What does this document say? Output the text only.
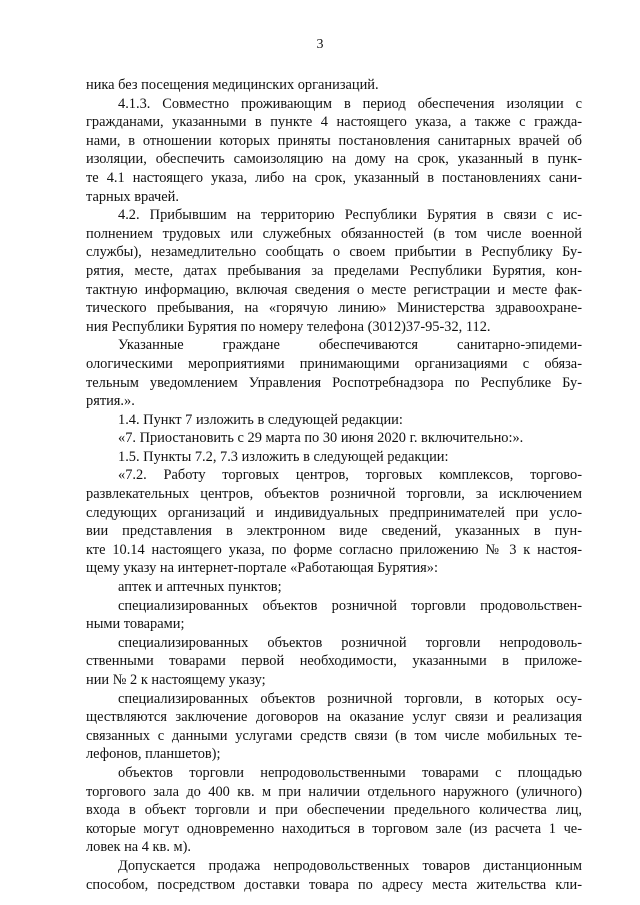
3
ника без посещения медицинских организаций.
4.1.3. Совместно проживающим в период обеспечения изоляции с
гражданами, указанными в пункте 4 настоящего указа, а также с гражда-
нами, в отношении которых приняты постановления санитарных врачей об
изоляции, обеспечить самоизоляцию на дому на срок, указанный в пунк-
те 4.1 настоящего указа, либо на срок, указанный в постановлениях сани-
тарных врачей.
4.2. Прибывшим на территорию Республики Бурятия в связи с ис-
полнением трудовых или служебных обязанностей (в том числе военной
службы), незамедлительно сообщать о своем прибытии в Республику Бу-
рятия, месте, датах пребывания за пределами Республики Бурятия, кон-
тактную информацию, включая сведения о месте регистрации и месте фак-
тического пребывания, на «горячую линию» Министерства здравоохране-
ния Республики Бурятия по номеру телефона (3012)37-95-32, 112.
Указанные граждане обеспечиваются санитарно-эпидеми-
ологическими мероприятиями принимающими организациями с обяза-
тельным уведомлением Управления Роспотребнадзора по Республике Бу-
рятия.».
1.4. Пункт 7 изложить в следующей редакции:
«7. Приостановить с 29 марта по 30 июня 2020 г. включительно:».
1.5. Пункты 7.2, 7.3 изложить в следующей редакции:
«7.2. Работу торговых центров, торговых комплексов, торгово-
развлекательных центров, объектов розничной торговли, за исключением
следующих организаций и индивидуальных предпринимателей при усло-
вии представления в электронном виде сведений, указанных в пун-
кте 10.14 настоящего указа, по форме согласно приложению № 3 к настоя-
щему указу на интернет-портале «Работающая Бурятия»:
аптек и аптечных пунктов;
специализированных объектов розничной торговли продовольствен-
ными товарами;
специализированных объектов розничной торговли непродоволь-
ственными товарами первой необходимости, указанными в приложе-
нии № 2 к настоящему указу;
специализированных объектов розничной торговли, в которых осу-
ществляются заключение договоров на оказание услуг связи и реализация
связанных с данными услугами средств связи (в том числе мобильных те-
лефонов, планшетов);
объектов торговли непродовольственными товарами с площадью
торгового зала до 400 кв. м при наличии отдельного наружного (уличного)
входа в объект торговли и при обеспечении предельного количества лиц,
которые могут одновременно находиться в торговом зале (из расчета 1 че-
ловек на 4 кв. м).
Допускается продажа непродовольственных товаров дистанционным
способом, посредством доставки товара по адресу места жительства кли-
